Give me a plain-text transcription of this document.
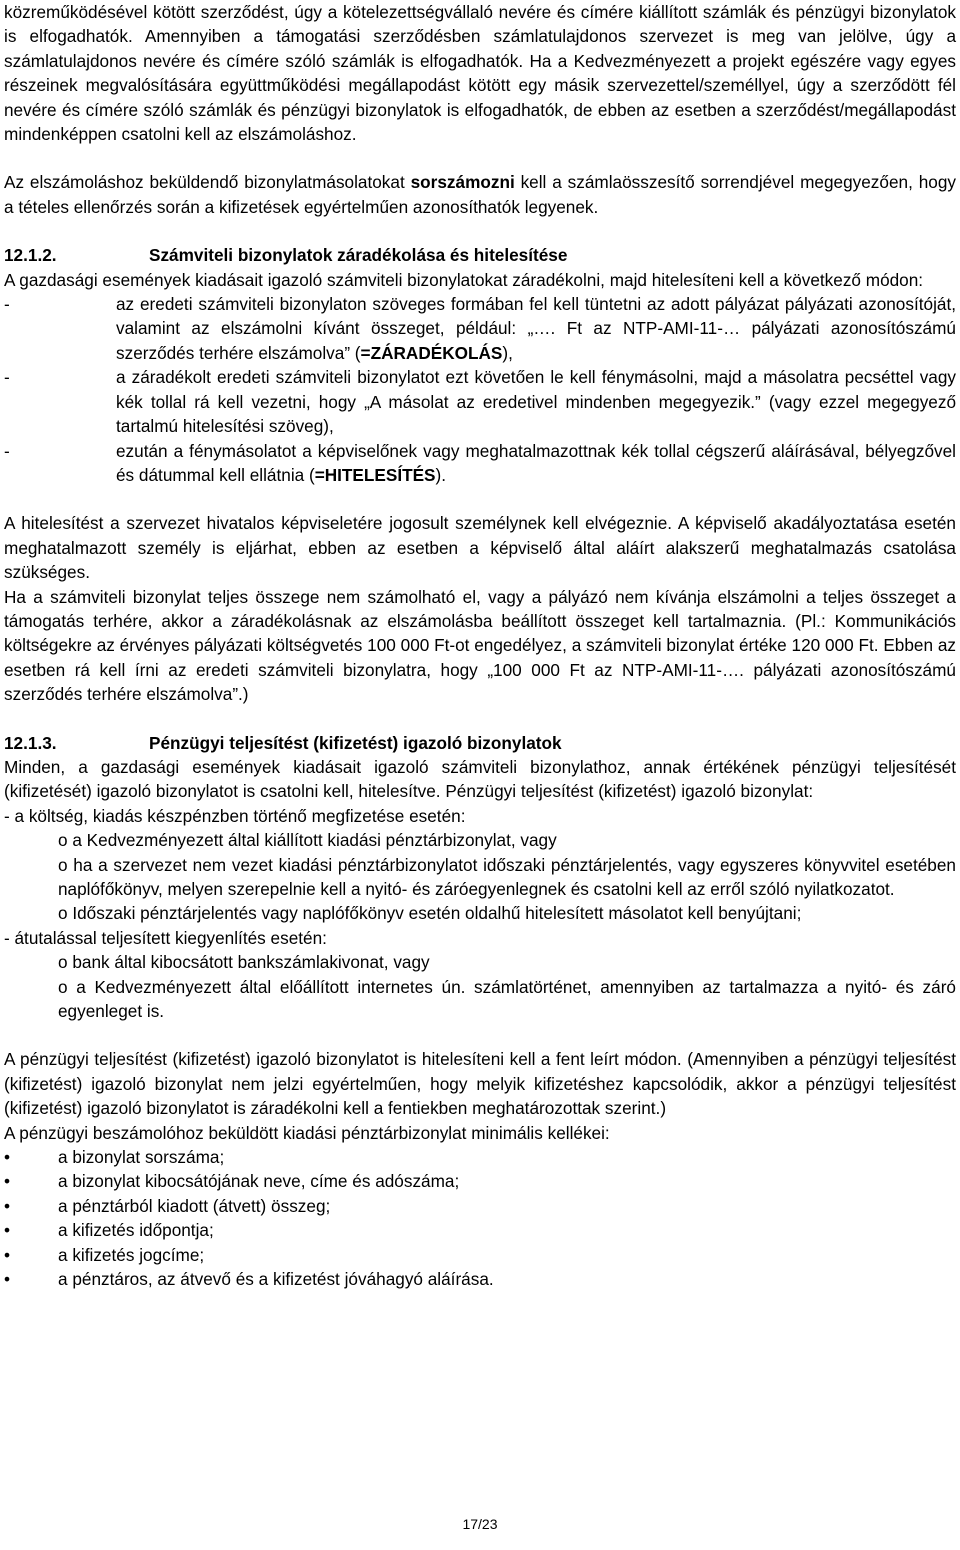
közreműködésével kötött szerződést, úgy a kötelezettségvállaló nevére és címére kiállított számlák és pénzügyi bizonylatok is elfogadhatók. Amennyiben a támogatási szerződésben számlatulajdonos szervezet is meg van jelölve, úgy a számlatulajdonos nevére és címére szóló számlák is elfogadhatók. Ha a Kedvezményezett a projekt egészére vagy egyes részeinek megvalósítására együttműködési megállapodást kötött egy másik szervezettel/személlyel, úgy a szerződött fél nevére és címére szóló számlák és pénzügyi bizonylatok is elfogadhatók, de ebben az esetben a szerződést/megállapodást mindenképpen csatolni kell az elszámoláshoz.

Az elszámoláshoz beküldendő bizonylatmásolatokat sorszámozni kell a számlaösszesítő sorrendjével megegyezően, hogy a tételes ellenőrzés során a kifizetések egyértelműen azonosíthatók legyenek.

12.1.2.	Számviteli bizonylatok záradékolása és hitelesítése

A gazdasági események kiadásait igazoló számviteli bizonylatokat záradékolni, majd hitelesíteni kell a következő módon:

-	az eredeti számviteli bizonylaton szöveges formában fel kell tüntetni az adott pályázat pályázati azonosítóját, valamint az elszámolni kívánt összeget, például: „…. Ft az NTP-AMI-11-… pályázati azonosítószámú szerződés terhére elszámolva” (=ZÁRADÉKOLÁS),
-	a záradékolt eredeti számviteli bizonylatot ezt követően le kell fénymásolni, majd a másolatra pecséttel vagy kék tollal rá kell vezetni, hogy „A másolat az eredetivel mindenben megegyezik.” (vagy ezzel megegyező tartalmú hitelesítési szöveg),
-	ezután a fénymásolatot a képviselőnek vagy meghatalmazottnak kék tollal cégszerű aláírásával, bélyegzővel és dátummal kell ellátnia (=HITELESÍTÉS).

A hitelesítést a szervezet hivatalos képviseletére jogosult személynek kell elvégeznie. A képviselő akadályoztatása esetén meghatalmazott személy is eljárhat, ebben az esetben a képviselő által aláírt alakszerű meghatalmazás csatolása szükséges.

Ha a számviteli bizonylat teljes összege nem számolható el, vagy a pályázó nem kívánja elszámolni a teljes összeget a támogatás terhére, akkor a záradékolásnak az elszámolásba beállított összeget kell tartalmaznia. (Pl.: Kommunikációs költségekre az érvényes pályázati költségvetés 100 000 Ft-ot engedélyez, a számviteli bizonylat értéke 120 000 Ft. Ebben az esetben rá kell írni az eredeti számviteli bizonylatra, hogy „100 000 Ft az NTP-AMI-11-…. pályázati azonosítószámú szerződés terhére elszámolva”.)

12.1.3.	Pénzügyi teljesítést (kifizetést) igazoló bizonylatok

Minden, a gazdasági események kiadásait igazoló számviteli bizonylathoz, annak értékének pénzügyi teljesítését (kifizetését) igazoló bizonylatot is csatolni kell, hitelesítve. Pénzügyi teljesítést (kifizetést) igazoló bizonylat:

- a költség, kiadás készpénzben történő megfizetése esetén:

o a Kedvezményezett által kiállított kiadási pénztárbizonylat, vagy

o ha a szervezet nem vezet kiadási pénztárbizonylatot időszaki pénztárjelentés, vagy egyszeres könyvvitel esetében naplófőkönyv, melyen szerepelnie kell a nyitó- és záróegyenlegnek és csatolni kell az erről szóló nyilatkozatot.

o Időszaki pénztárjelentés vagy naplófőkönyv esetén oldalhű hitelesített másolatot kell benyújtani;

- átutalással teljesített kiegyenlítés esetén:

o bank által kibocsátott bankszámlakivonat, vagy

o a Kedvezményezett által előállított internetes ún. számlatörténet, amennyiben az tartalmazza a nyitó- és záró egyenleget is.

A pénzügyi teljesítést (kifizetést) igazoló bizonylatot is hitelesíteni kell a fent leírt módon. (Amennyiben a pénzügyi teljesítést (kifizetést) igazoló bizonylat nem jelzi egyértelműen, hogy melyik kifizetéshez kapcsolódik, akkor a pénzügyi teljesítést (kifizetést) igazoló bizonylatot is záradékolni kell a fentiekben meghatározottak szerint.)

A pénzügyi beszámolóhoz beküldött kiadási pénztárbizonylat minimális kellékei:

• a bizonylat sorszáma;
• a bizonylat kibocsátójának neve, címe és adószáma;
• a pénztárból kiadott (átvett) összeg;
• a kifizetés időpontja;
• a kifizetés jogcíme;
• a pénztáros, az átvevő és a kifizetést jóváhagyó aláírása.
17/23
